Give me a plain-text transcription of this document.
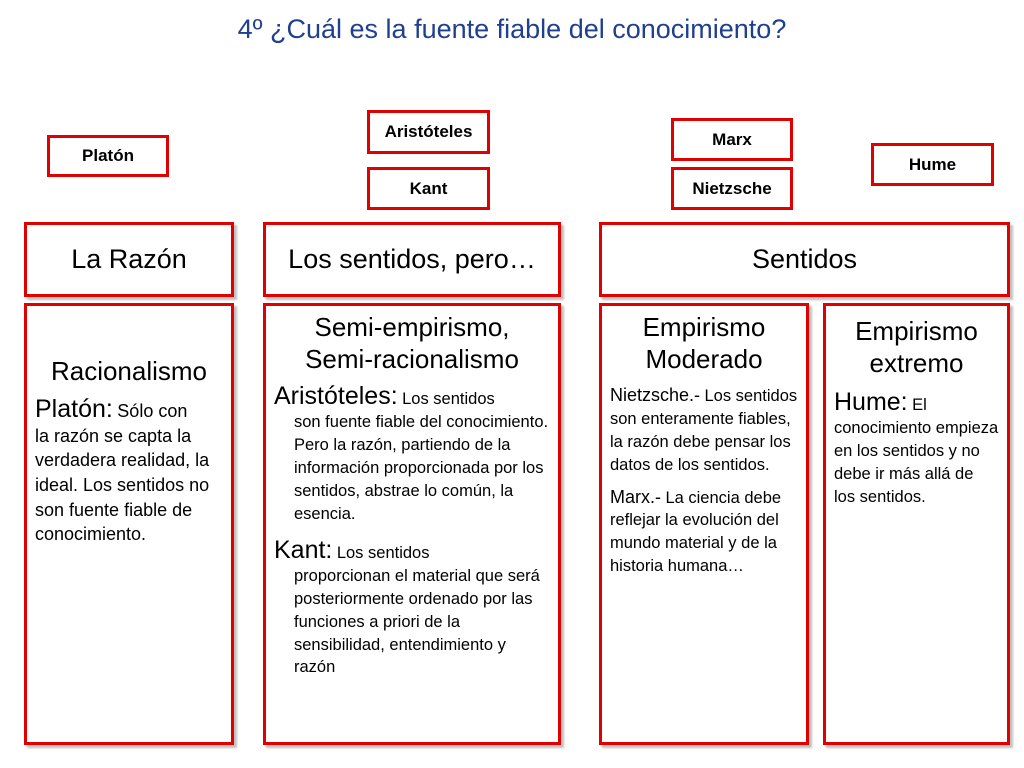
4º ¿Cuál es la fuente fiable del conocimiento?
Platón
Aristóteles
Kant
Marx
Nietzsche
Hume
La Razón	Los sentidos, pero…	Sentidos
Racionalismo
Platón: Sólo con
la razón se capta la verdadera realidad, la ideal. Los sentidos no son fuente fiable de conocimiento.
Semi-empirismo,
Semi-racionalismo
Aristóteles: Los sentidos
son fuente fiable del conocimiento. Pero la razón, partiendo de la información proporcionada por los sentidos, abstrae lo común, la esencia.
Kant: Los sentidos
proporcionan el material que será posteriormente ordenado por las funciones a priori de la sensibilidad, entendimiento y razón
Empirismo
Moderado
Nietzsche.- Los sentidos son enteramente fiables, la razón debe pensar los datos de los sentidos.
Marx.- La ciencia debe reflejar la evolución del mundo material y de la historia humana…
Empirismo
extremo
Hume: El conocimiento empieza en los sentidos y no debe ir más allá de los sentidos.
